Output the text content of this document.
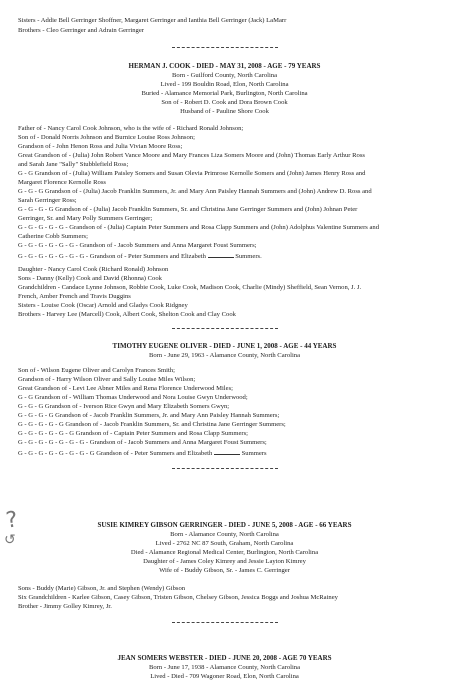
Sisters - Addie Bell Gerringer Shoffner, Margaret Gerringer and Ianthia Bell Gerringer (Jack) LaMarr
Brothers - Cleo Gerringer and Adrain Gerringer
HERMAN J. COOK - DIED - MAY 31, 2008 - AGE - 79 YEARS
Born - Guilford County, North Carolina
Lived - 199 Bouldin Road, Elon, North Carolina
Buried - Alamance Memorial Park, Burlington, North Carolina
Son of - Robert D. Cook and Dora Brown Cook
Husband of - Pauline Shore Cook
Father of - Nancy Carol Cook Johnson, who is the wife of - Richard Ronald Johnson;
Son of - Donald Norris Johnson and Burnice Louise Ross Johnson;
Grandson of - John Henon Ross and Julia Vivian Moore Ross;
Great Grandson of - (Julia) John Robert Vance Moore and Mary Frances Liza Somers Moore and (John) Thomas Early Arthur Ross
and Sarah Jane "Sally" Stubblefield Ross;
G - G Grandson of - (Julia) William Paisley Somers and Susan Olevia Primrose Kernolle Somers and (John) James Henry Ross and
Margaret Florence Kernolle Ross
G - G - G Grandson of - (Julia) Jacob Franklin Summers, Jr. and Mary Ann Paisley Hannah Summers and (John) Andrew D. Ross and
Sarah Gerringer Ross;
G - G - G - G Grandson of - (Julia) Jacob Franklin Summers, Sr. and Christina Jane Gerringer Summers and (John) Johnan Peter
Gerringer, Sr. and Mary Polly Summers Gerringer;
G - G - G - G - G - Grandson of - (Julia) Captain Peter Summers and Rosa Clapp Summers and (John) Adolphus Valentine Summers and
Catherine Cobb Summers;
G - G - G - G - G - G - Grandson of - Jacob Summers and Anna Margaret Foust Summers;
G - G - G - G - G - G - G - Grandson of - Peter Summers and Elizabeth	Summers.
Daughter - Nancy Carol Cook (Richard Ronald) Johnson
Sons - Danny (Kelly) Cook and David (Rhonna) Cook
Grandchildren - Candace Lynne Johnson, Robbie Cook, Luke Cook, Madison Cook, Charlie (Mindy) Sheffield, Sean Vernon, J. J.
French, Amber French and Travis Duggins
Sisters - Louise Cook (Oscar) Arnold and Gladys Cook Ridgney
Brothers - Harvey Lee (Marcell) Cook, Albert Cook, Shelton Cook and Clay Cook
TIMOTHY EUGENE OLIVER - DIED - JUNE 1, 2008 - AGE - 44 YEARS
Born - June 29, 1963 - Alamance County, North Carolina
Son of - Wilson Eugene Oliver and Carolyn Frances Smith;
Grandson of - Harry Wilson Oliver and Sally Louise Miles Wilson;
Great Grandson of - Levi Lee Abner Miles and Rena Florence Underwood Miles;
G - G Grandson of - William Thomas Underwood and Nora Louise Gwyn Underwood;
G - G - G Grandson of - Iverson Rice Gwyn and Mary Elizabeth Somers Gwyn;
G - G - G - G Grandson of - Jacob Franklin Summers, Jr. and Mary Ann Paisley Hannah Summers;
G - G - G - G - G Grandson of - Jacob Franklin Summers, Sr. and Christina Jane Gerringer Summers;
G - G - G - G - G - G Grandson of - Captain Peter Summers and Rosa Clapp Summers;
G - G - G - G - G - G - G - Grandson of - Jacob Summers and Anna Margaret Foust Summers;
G - G - G - G - G - G - G - G Grandson of - Peter Summers and Elizabeth	Summers
?
↺
SUSIE KIMREY GIBSON GERRINGER - DIED - JUNE 5, 2008 - AGE - 66 YEARS
Born - Alamance County, North Carolina
Lived - 2762 NC 87 South, Graham, North Carolina
Died - Alamance Regional Medical Center, Burlington, North Carolina
Daughter of - James Coley Kimrey and Jessie Layton Kimrey
Wife of - Buddy Gibson, Sr. - James C. Gerringer
Sons - Buddy (Marie) Gibson, Jr. and Stephen (Wendy) Gibson
Six Grandchildren - Karlee Gibson, Casey Gibson, Tristen Gibson, Chelsey Gibson, Jessica Boggs and Joshua McRainey
Brother - Jimmy Golley Kimrey, Jr.
JEAN SOMERS WEBSTER - DIED - JUNE 20, 2008 - AGE 70 YEARS
Born - June 17, 1938 - Alamance County, North Carolina
Lived - Died - 709 Wagoner Road, Elon, North Carolina
